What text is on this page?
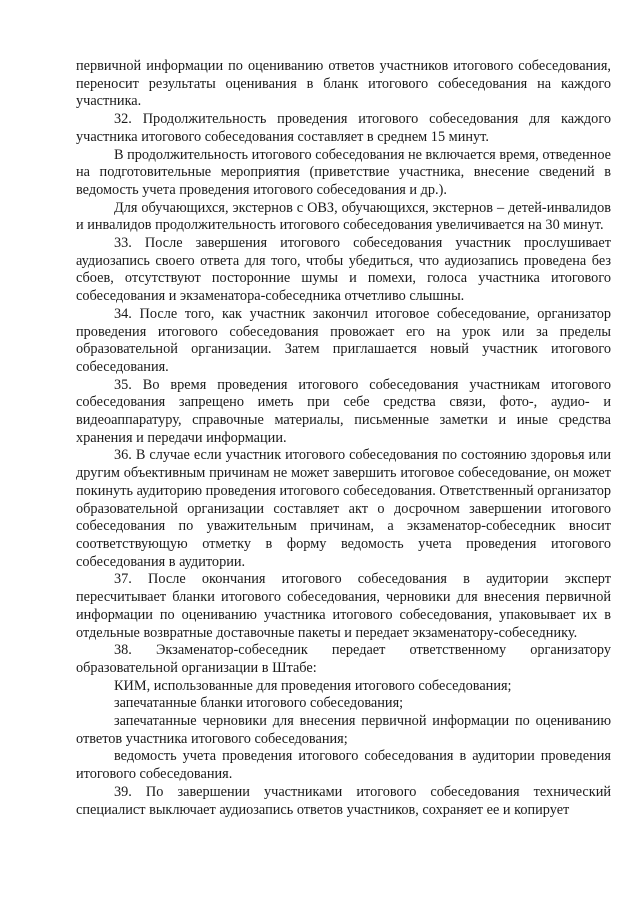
первичной информации по оцениванию ответов участников итогового собеседования, переносит результаты оценивания в бланк итогового собеседования на каждого участника.

32. Продолжительность проведения итогового собеседования для каждого участника итогового собеседования составляет в среднем 15 минут.

В продолжительность итогового собеседования не включается время, отведенное на подготовительные мероприятия (приветствие участника, внесение сведений в ведомость учета проведения итогового собеседования и др.).

Для обучающихся, экстернов с ОВЗ, обучающихся, экстернов – детей-инвалидов и инвалидов продолжительность итогового собеседования увеличивается на 30 минут.

33. После завершения итогового собеседования участник прослушивает аудиозапись своего ответа для того, чтобы убедиться, что аудиозапись проведена без сбоев, отсутствуют посторонние шумы и помехи, голоса участника итогового собеседования и экзаменатора-собеседника отчетливо слышны.

34. После того, как участник закончил итоговое собеседование, организатор проведения итогового собеседования провожает его на урок или за пределы образовательной организации. Затем приглашается новый участник итогового собеседования.

35. Во время проведения итогового собеседования участникам итогового собеседования запрещено иметь при себе средства связи, фото-, аудио- и видеоаппаратуру, справочные материалы, письменные заметки и иные средства хранения и передачи информации.

36. В случае если участник итогового собеседования по состоянию здоровья или другим объективным причинам не может завершить итоговое собеседование, он может покинуть аудиторию проведения итогового собеседования. Ответственный организатор образовательной организации составляет акт о досрочном завершении итогового собеседования по уважительным причинам, а экзаменатор-собеседник вносит соответствующую отметку в форму ведомость учета проведения итогового собеседования в аудитории.

37. После окончания итогового собеседования в аудитории эксперт пересчитывает бланки итогового собеседования, черновики для внесения первичной информации по оцениванию участника итогового собеседования, упаковывает их в отдельные возвратные доставочные пакеты и передает экзаменатору-собеседнику.

38. Экзаменатор-собеседник передает ответственному организатору образовательной организации в Штабе:

КИМ, использованные для проведения итогового собеседования;

запечатанные бланки итогового собеседования;

запечатанные черновики для внесения первичной информации по оцениванию ответов участника итогового собеседования;

ведомость учета проведения итогового собеседования в аудитории проведения итогового собеседования.

39. По завершении участниками итогового собеседования технический специалист выключает аудиозапись ответов участников, сохраняет ее и копирует
